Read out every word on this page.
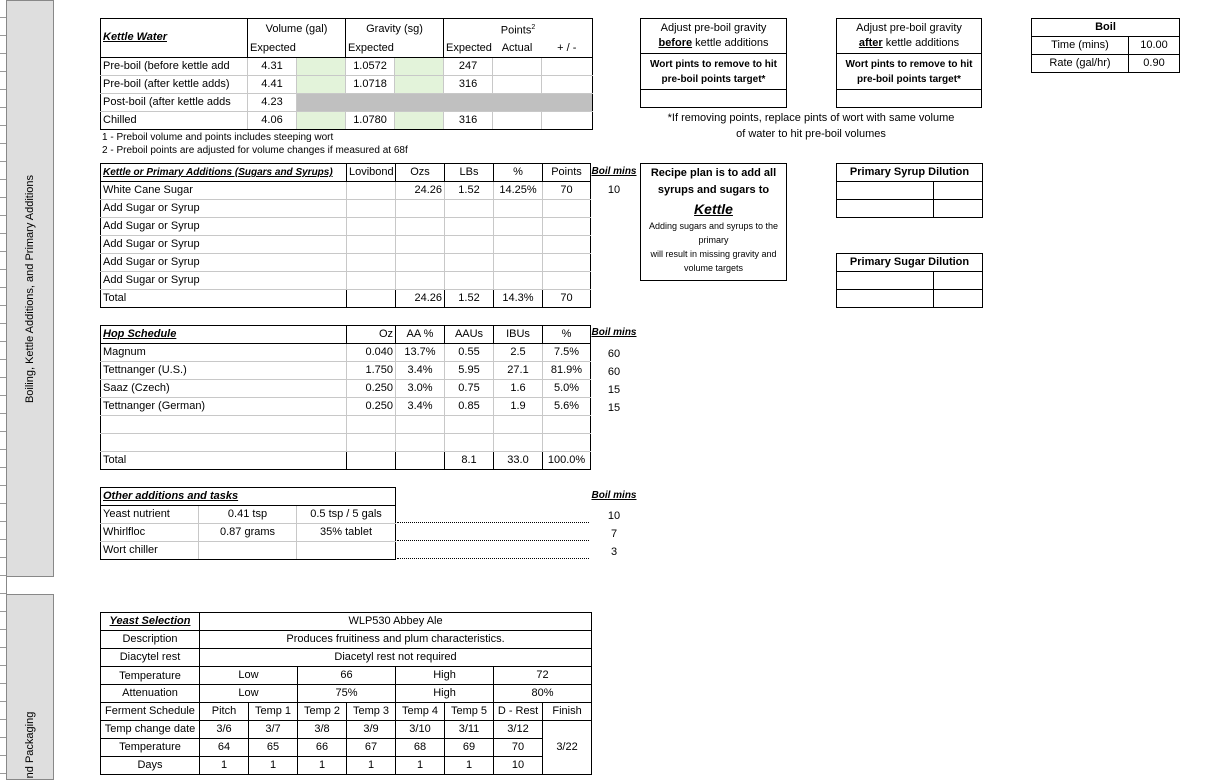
Boiling, Kettle Additions, and Primary Additions
nd Packaging
Kettle Water	Volume (gal)		Gravity (sg)		Points$^2$
	Expected		Expected		Expected	Actual	+ / -
Pre-boil (before kettle add	4.31		1.0572		247		
Pre-boil (after kettle adds)	4.41		1.0718		316		
Post-boil (after kettle adds	4.23						
Chilled	4.06		1.0780		316		
1 - Preboil volume and points includes steeping wort
2 - Preboil points are adjusted for volume changes if measured at 68f
Adjust pre-boil gravity
before kettle additions
Wort pints to remove to hit
pre-boil points target*
Adjust pre-boil gravity
after kettle additions
Wort pints to remove to hit
pre-boil points target*
*If removing points, replace pints of wort with same volume
of water to hit pre-boil volumes
Boil	
Time (mins)	10.00
Rate (gal/hr)	0.90
Kettle or Primary Additions (Sugars and Syrups)	Lovibond	Ozs	LBs	%	Points
White Cane Sugar		24.26	1.52	14.25%	70
Add Sugar or Syrup					
Add Sugar or Syrup					
Add Sugar or Syrup					
Add Sugar or Syrup					
Add Sugar or Syrup					
Total		24.26	1.52	14.3%	70
Boil mins
10
Recipe plan is to add all
syrups and sugars to
Kettle
Adding sugars and syrups to the
primary
will result in missing gravity and
volume targets
Primary Syrup Dilution	

Primary Sugar Dilution	

Hop Schedule	Oz	AA %	AAUs	IBUs	%
Magnum	0.040	13.7%	0.55	2.5	7.5%
Tettnanger (U.S.)	1.750	3.4%	5.95	27.1	81.9%
Saaz (Czech)	0.250	3.0%	0.75	1.6	5.0%
Tettnanger (German)	0.250	3.4%	0.85	1.9	5.6%

Total			8.1	33.0	100.0%
Boil mins
60
60
15
15
Other additions and tasks		
Yeast nutrient	0.41 tsp	0.5 tsp / 5 gals
Whirlfloc	0.87 grams	35% tablet
Wort chiller		
Boil mins
10
7
3
Yeast Selection	WLP530 Abbey Ale							
Description	Produces fruitiness and plum characteristics.							
Diacytel rest	Diacetyl rest not required							
Temperature	Low		66		High		72	
Attenuation	Low		75%		High		80%	
Ferment Schedule	Pitch	Temp 1	Temp 2	Temp 3	Temp 4	Temp 5	D - Rest	Finish
Temp change date	3/6	3/7	3/8	3/9	3/10	3/11	3/12	3/22
Temperature	64	65	66	67	68	69	70	
Days	1	1	1	1	1	1	10	
